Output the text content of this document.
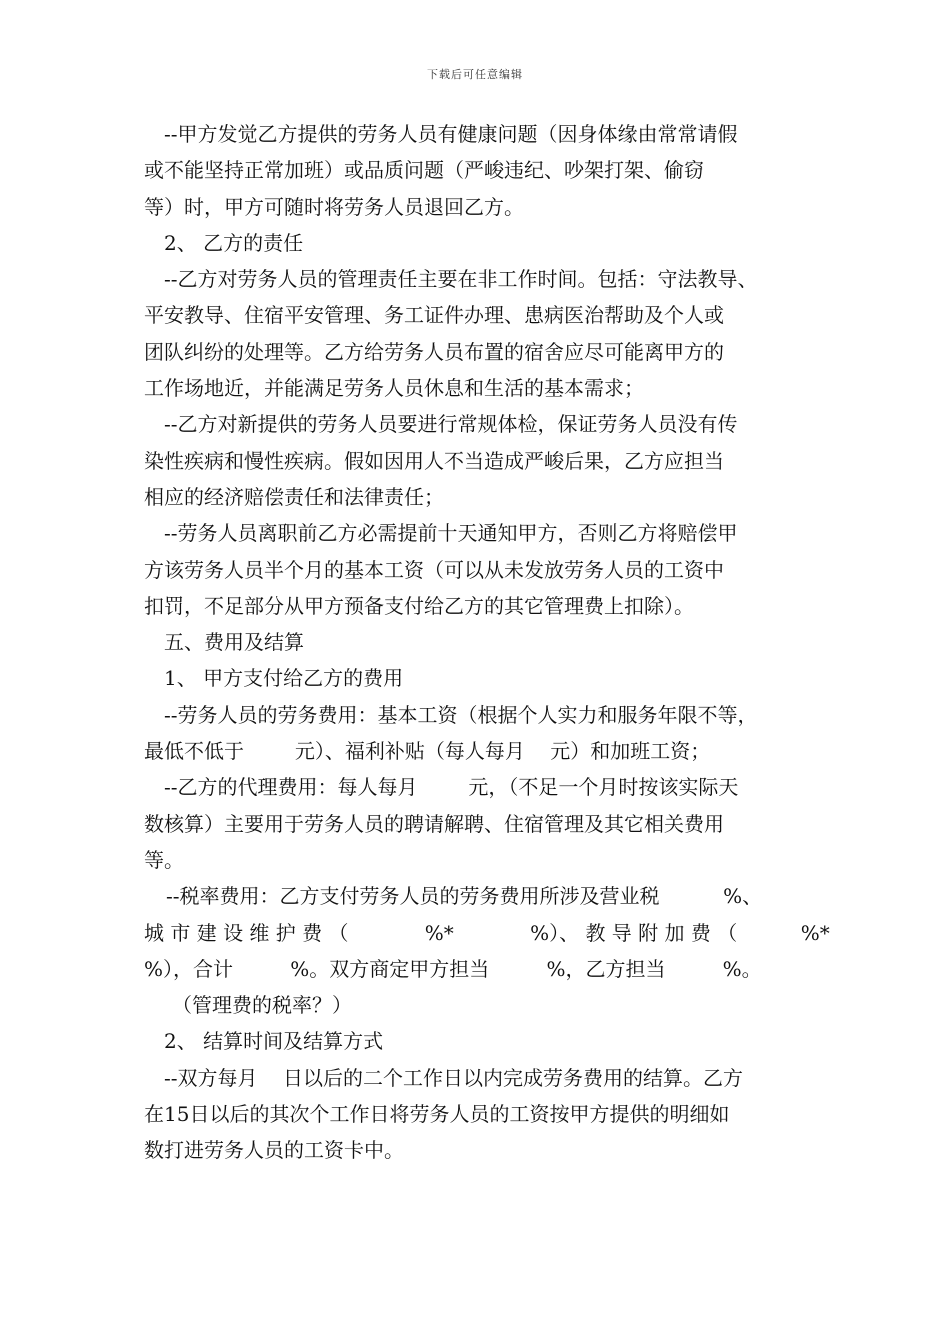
下载后可任意编辑
--甲方发觉乙方提供的劳务人员有健康问题（因身体缘由常常请假
或不能坚持正常加班）或品质问题（严峻违纪、吵架打架、偷窃
等）时，甲方可随时将劳务人员退回乙方。
2、 乙方的责任
--乙方对劳务人员的管理责任主要在非工作时间。包括：守法教导、
平安教导、住宿平安管理、务工证件办理、患病医治帮助及个人或
团队纠纷的处理等。乙方给劳务人员布置的宿舍应尽可能离甲方的
工作场地近，并能满足劳务人员休息和生活的基本需求；
--乙方对新提供的劳务人员要进行常规体检，保证劳务人员没有传
染性疾病和慢性疾病。假如因用人不当造成严峻后果，乙方应担当
相应的经济赔偿责任和法律责任；
--劳务人员离职前乙方必需提前十天通知甲方，否则乙方将赔偿甲
方该劳务人员半个月的基本工资（可以从未发放劳务人员的工资中
扣罚，不足部分从甲方预备支付给乙方的其它管理费上扣除）。
五、费用及结算
1、 甲方支付给乙方的费用
--劳务人员的劳务费用：基本工资（根据个人实力和服务年限不等，
最低不低于        元）、福利补贴（每人每月    元）和加班工资；
--乙方的代理费用：每人每月        元，（不足一个月时按该实际天
数核算）主要用于劳务人员的聘请解聘、住宿管理及其它相关费用
等。
--税率费用：乙方支付劳务人员的劳务费用所涉及营业税          %、
城 市 建 设 维 护 费 （            %*            %）、 教 导 附 加 费 （          %*
%），合计         %。双方商定甲方担当         %，乙方担当         %。
（管理费的税率？）
2、 结算时间及结算方式
--双方每月    日以后的二个工作日以内完成劳务费用的结算。乙方
在15日以后的其次个工作日将劳务人员的工资按甲方提供的明细如
数打进劳务人员的工资卡中。
